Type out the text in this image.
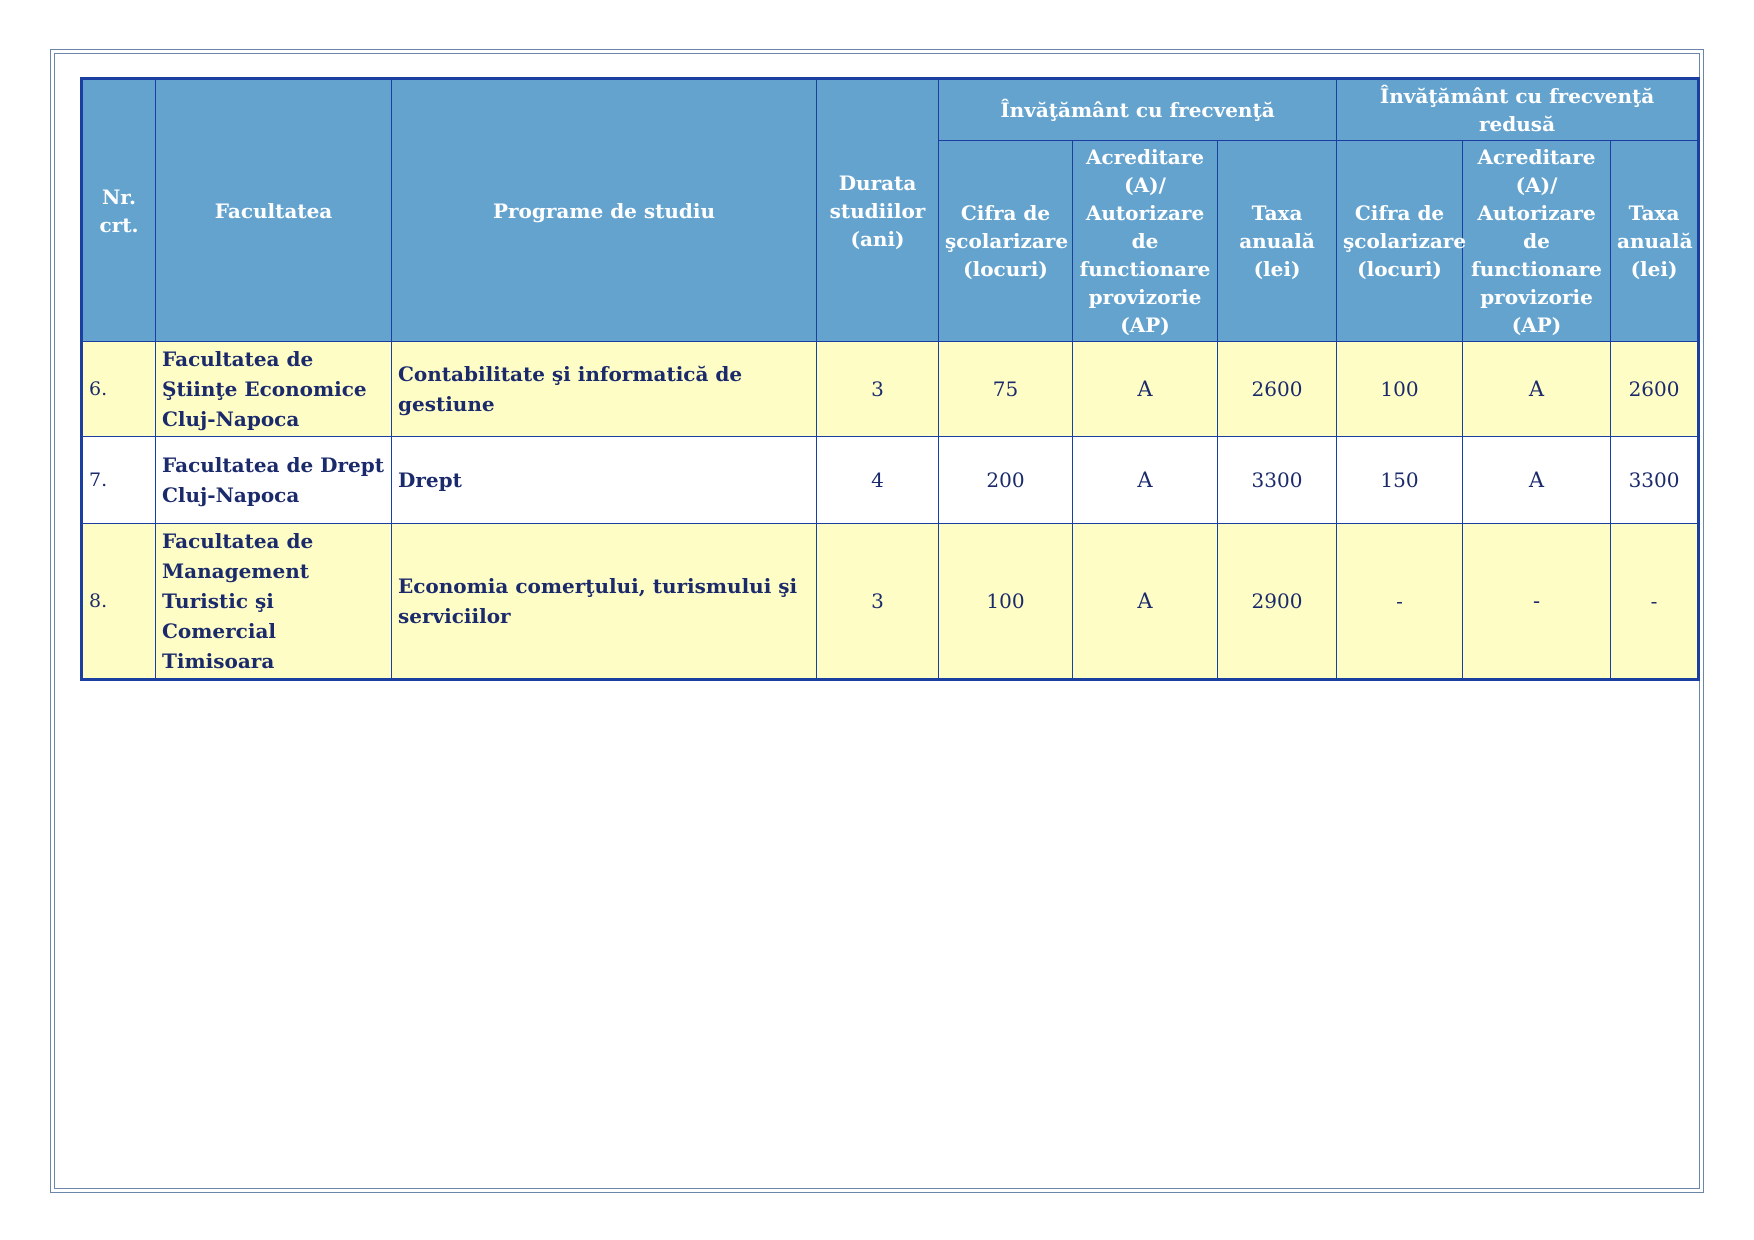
Nr. crt.	Facultatea	Programe de studiu	Durata studiilor (ani)	Învăţământ cu frecvenţă			Învăţământ cu frecvenţă redusă		
				Cifra de şcolarizare (locuri)	Acreditare (A)/ Autorizare de functionare provizorie (AP)	Taxa anuală (lei)	Cifra de şcolarizare (locuri)	Acreditare (A)/ Autorizare de functionare provizorie (AP)	Taxa anuală (lei)
6.	Facultatea de Ştiinţe Economice Cluj-Napoca	Contabilitate şi informatică de gestiune	3	75	A	2600	100	A	2600
7.	Facultatea de Drept Cluj-Napoca	Drept	4	200	A	3300	150	A	3300
8.	Facultatea de Management Turistic şi Comercial Timisoara	Economia comerţului, turismului şi serviciilor	3	100	A	2900	-	-	-
